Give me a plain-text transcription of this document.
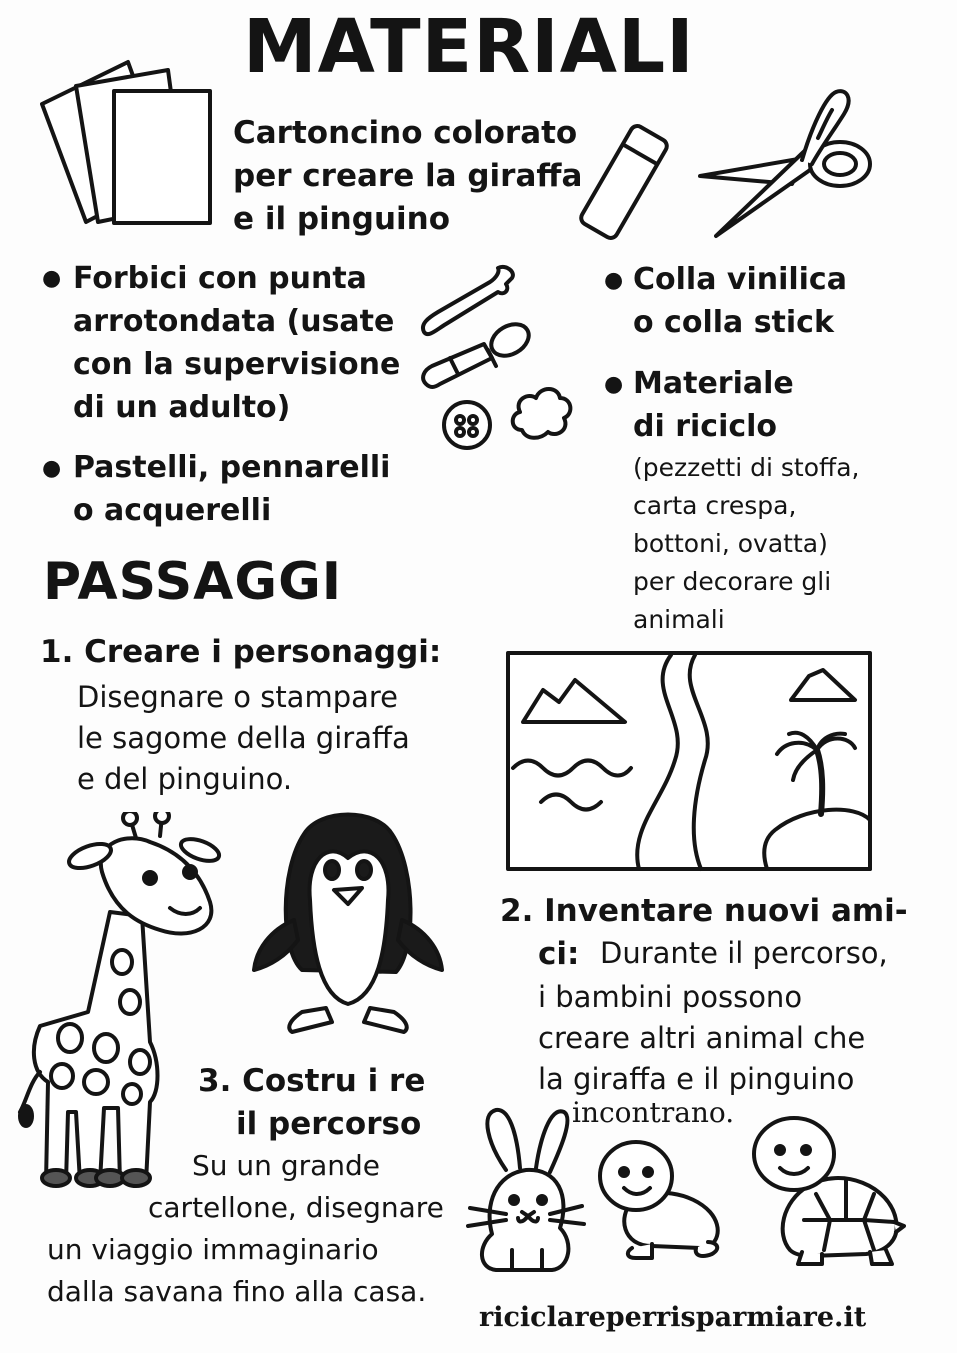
MATERIALI
Cartoncino colorato
per creare la giraffa
e il pinguino
● Forbici con punta
arrotondata (usate
con la supervisione
di un adulto)
● Pastelli, pennarelli
o acquerelli
● Colla vinilica
o colla stick
● Materiale
di riciclo
(pezzetti di stoffa,
carta crespa,
bottoni, ovatta)
per decorare gli
animali
PASSAGGI
1. Creare i personaggi:
Disegnare o stampare
le sagome della giraffa
e del pinguino.
2. Inventare nuovi ami-
ci: Durante il percorso,
i bambini possono
creare altri animal che
la giraffa e il pinguino
incontrano.
3. Costru i re
il percorso
Su un grande
cartellone, disegnare
un viaggio immaginario
dalla savana fino alla casa.
riciclareperrisparmiare.it
